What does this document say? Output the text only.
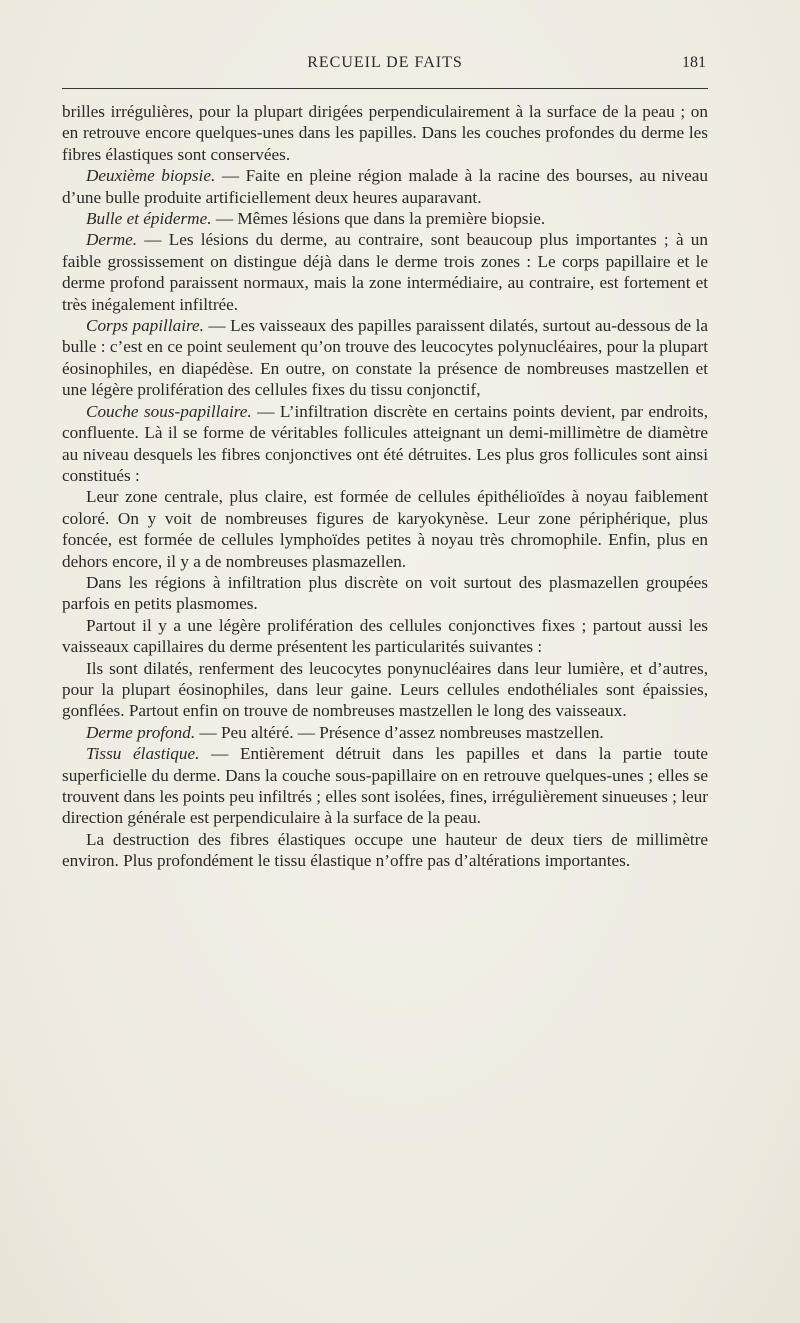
RECUEIL DE FAITS	181

brilles irrégulières, pour la plupart dirigées perpendiculairement à la surface de la peau ; on en retrouve encore quelques-unes dans les papilles. Dans les couches profondes du derme les fibres élastiques sont conservées.

Deuxième biopsie. — Faite en pleine région malade à la racine des bourses, au niveau d’une bulle produite artificiellement deux heures auparavant.

Bulle et épiderme. — Mêmes lésions que dans la première biopsie.

Derme. — Les lésions du derme, au contraire, sont beaucoup plus importantes ; à un faible grossissement on distingue déjà dans le derme trois zones : Le corps papillaire et le derme profond paraissent normaux, mais la zone intermédiaire, au contraire, est fortement et très inégalement infiltrée.

Corps papillaire. — Les vaisseaux des papilles paraissent dilatés, surtout au-dessous de la bulle : c’est en ce point seulement qu’on trouve des leucocytes polynucléaires, pour la plupart éosinophiles, en diapédèse. En outre, on constate la présence de nombreuses mastzellen et une légère prolifération des cellules fixes du tissu conjonctif,

Couche sous-papillaire. — L’infiltration discrète en certains points devient, par endroits, confluente. Là il se forme de véritables follicules atteignant un demi-millimètre de diamètre au niveau desquels les fibres conjonctives ont été détruites. Les plus gros follicules sont ainsi constitués :

Leur zone centrale, plus claire, est formée de cellules épithélioïdes à noyau faiblement coloré. On y voit de nombreuses figures de karyokynèse. Leur zone périphérique, plus foncée, est formée de cellules lymphoïdes petites à noyau très chromophile. Enfin, plus en dehors encore, il y a de nombreuses plasmazellen.

Dans les régions à infiltration plus discrète on voit surtout des plasmazellen groupées parfois en petits plasmomes.

Partout il y a une légère prolifération des cellules conjonctives fixes ; partout aussi les vaisseaux capillaires du derme présentent les particularités suivantes :

Ils sont dilatés, renferment des leucocytes ponynucléaires dans leur lumière, et d’autres, pour la plupart éosinophiles, dans leur gaine. Leurs cellules endothéliales sont épaissies, gonflées. Partout enfin on trouve de nombreuses mastzellen le long des vaisseaux.

Derme profond. — Peu altéré. — Présence d’assez nombreuses mastzellen.

Tissu élastique. — Entièrement détruit dans les papilles et dans la partie toute superficielle du derme. Dans la couche sous-papillaire on en retrouve quelques-unes ; elles se trouvent dans les points peu infiltrés ; elles sont isolées, fines, irrégulièrement sinueuses ; leur direction générale est perpendiculaire à la surface de la peau.

La destruction des fibres élastiques occupe une hauteur de deux tiers de millimètre environ. Plus profondément le tissu élastique n’offre pas d’altérations importantes.
